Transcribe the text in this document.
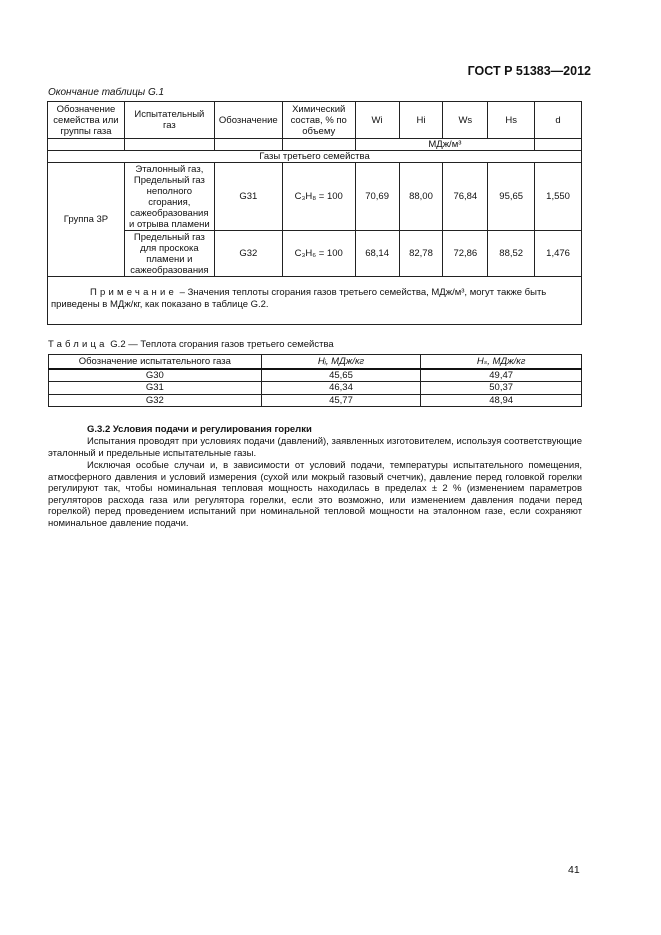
ГОСТ Р 51383—2012
Окончание таблицы G.1
Обозначение семейства или группы газа	Испытательный газ	Обозначение	Химический состав, % по объему	Wi	Hi	Ws	Hs	d
				МДж/м³				
Газы третьего семейства								
Группа 3Р	Эталонный газ, Предельный газ неполного сгорания, сажеобразования и отрыва пламени	G31	C₃H₈ = 100	70,69	88,00	76,84	95,65	1,550
	Предельный газ для проскока пламени и сажеобразования	G32	C₃H₆ = 100	68,14	82,78	72,86	88,52	1,476
Примечание – Значения теплоты сгорания газов третьего семейства, МДж/м³, могут также быть приведены в МДж/кг, как показано в таблице G.2.								
Таблица G.2 — Теплота сгорания газов третьего семейства
Обозначение испытательного газа	Hᵢ, МДж/кг	Hₛ, МДж/кг
G30	45,65	49,47
G31	46,34	50,37
G32	45,77	48,94
G.3.2 Условия подачи и регулирования горелки
Испытания проводят при условиях подачи (давлений), заявленных изготовителем, используя соответствующие эталонный и предельные испытательные газы.
Исключая особые случаи и, в зависимости от условий подачи, температуры испытательного помещения, атмосферного давления и условий измерения (сухой или мокрый газовый счетчик), давление перед головкой горелки регулируют так, чтобы номинальная тепловая мощность находилась в пределах ± 2 % (изменением параметров регуляторов расхода газа или регулятора горелки, если это возможно, или изменением давления подачи перед горелкой) перед проведением испытаний при номинальной тепловой мощности на эталонном газе, если сохраняют номинальное давление подачи.
41
